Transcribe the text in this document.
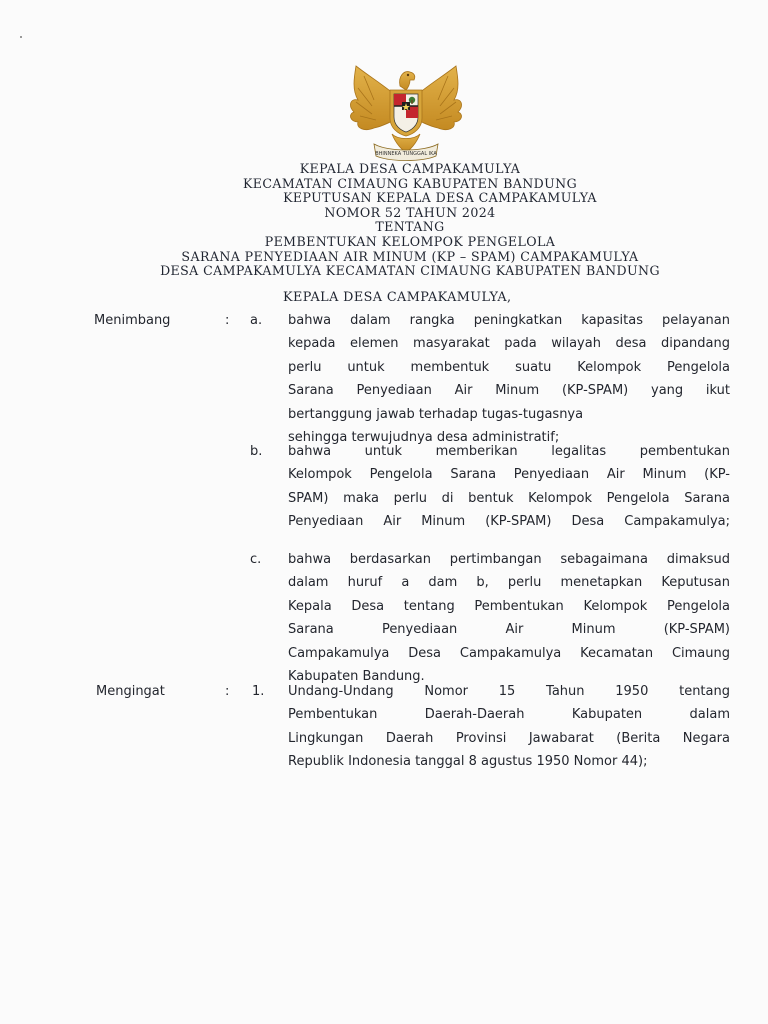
BHINNEKA TUNGGAL IKA
KEPALA DESA CAMPAKAMULYA
KECAMATAN CIMAUNG KABUPATEN BANDUNG
KEPUTUSAN KEPALA DESA CAMPAKAMULYA
NOMOR 52 TAHUN 2024
TENTANG
PEMBENTUKAN KELOMPOK PENGELOLA
SARANA PENYEDIAAN AIR MINUM (KP – SPAM) CAMPAKAMULYA
DESA CAMPAKAMULYA KECAMATAN CIMAUNG KABUPATEN BANDUNG
KEPALA DESA CAMPAKAMULYA,
Menimbang	: a. bahwa dalam rangka peningkatkan kapasitas pelayanan
kepada elemen masyarakat pada wilayah desa dipandang
perlu untuk membentuk suatu Kelompok Pengelola
Sarana Penyediaan Air Minum (KP-SPAM) yang ikut
bertanggung jawab terhadap tugas-tugasnya
sehingga terwujudnya desa administratif;
b. bahwa untuk memberikan legalitas pembentukan
Kelompok Pengelola Sarana Penyediaan Air Minum (KP-
SPAM) maka perlu di bentuk Kelompok Pengelola Sarana
Penyediaan Air Minum (KP-SPAM) Desa Campakamulya;
c. bahwa berdasarkan pertimbangan sebagaimana dimaksud
dalam huruf a dam b, perlu menetapkan Keputusan
Kepala Desa tentang Pembentukan Kelompok Pengelola
Sarana Penyediaan Air Minum (KP-SPAM)
Campakamulya Desa Campakamulya Kecamatan Cimaung
Kabupaten Bandung.
Mengingat	: 1. Undang-Undang Nomor 15 Tahun 1950 tentang
Pembentukan Daerah-Daerah Kabupaten dalam
Lingkungan Daerah Provinsi Jawabarat (Berita Negara
Republik Indonesia tanggal 8 agustus 1950 Nomor 44);
